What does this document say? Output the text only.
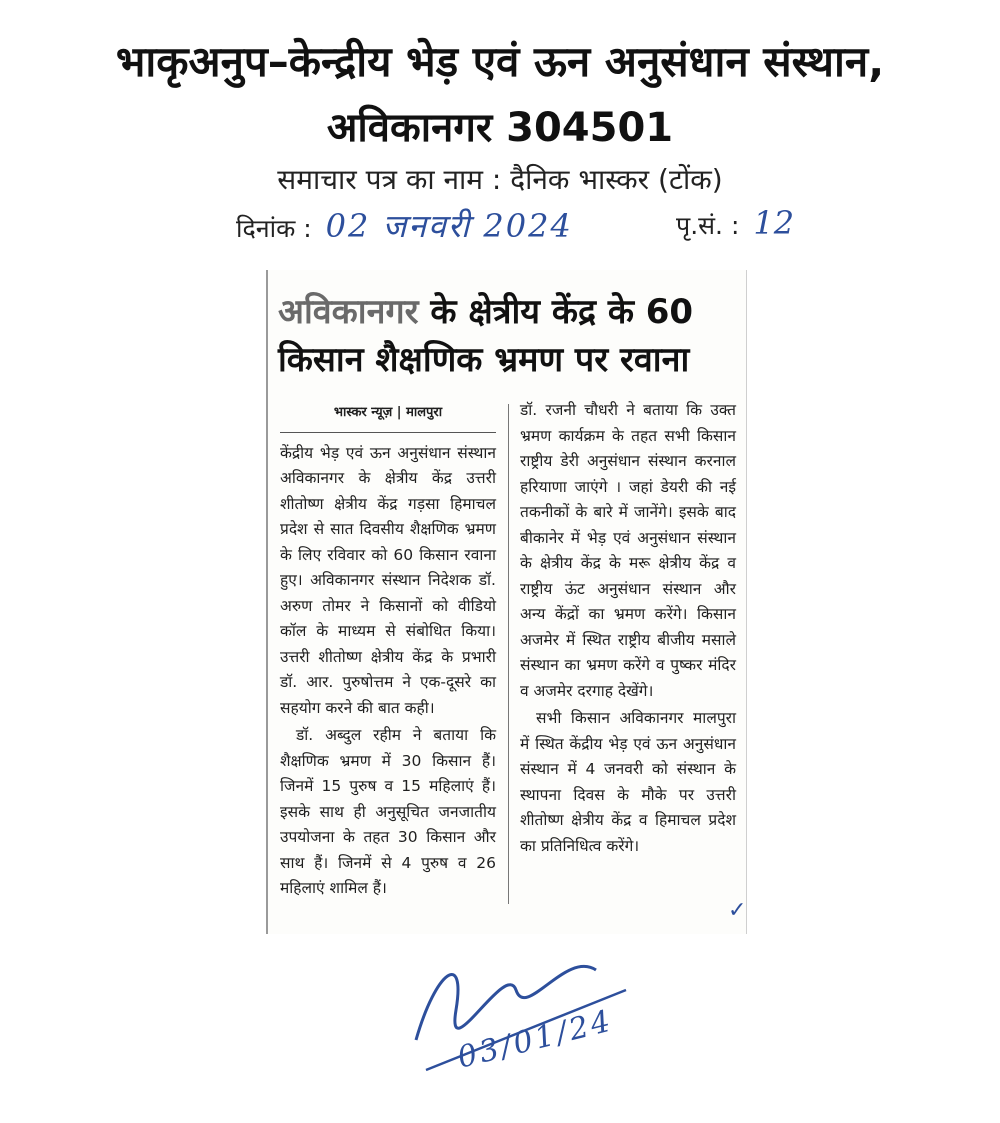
भाकृअनुप–केन्द्रीय भेड़ एवं ऊन अनुसंधान संस्थान,
अविकानगर 304501
समाचार पत्र का नाम : दैनिक भास्कर (टोंक)
दिनांक : 02 जनवरी 2024	पृ.सं. : 12
अविकानगर के क्षेत्रीय केंद्र के 60 किसान शैक्षणिक भ्रमण पर रवाना
भास्कर न्यूज़ | मालपुरा

केंद्रीय भेड़ एवं ऊन अनुसंधान संस्थान अविकानगर के क्षेत्रीय केंद्र उत्तरी शीतोष्ण क्षेत्रीय केंद्र गड़सा हिमाचल प्रदेश से सात दिवसीय शैक्षणिक भ्रमण के लिए रविवार को 60 किसान रवाना हुए। अविकानगर संस्थान निदेशक डॉ. अरुण तोमर ने किसानों को वीडियो कॉल के माध्यम से संबोधित किया। उत्तरी शीतोष्ण क्षेत्रीय केंद्र के प्रभारी डॉ. आर. पुरुषोत्तम ने एक-दूसरे का सहयोग करने की बात कही।

डॉ. अब्दुल रहीम ने बताया कि शैक्षणिक भ्रमण में 30 किसान हैं। जिनमें 15 पुरुष व 15 महिलाएं हैं। इसके साथ ही अनुसूचित जनजातीय उपयोजना के तहत 30 किसान और साथ हैं। जिनमें से 4 पुरुष व 26 महिलाएं शामिल हैं।

डॉ. रजनी चौधरी ने बताया कि उक्त भ्रमण कार्यक्रम के तहत सभी किसान राष्ट्रीय डेरी अनुसंधान संस्थान करनाल हरियाणा जाएंगे । जहां डेयरी की नई तकनीकों के बारे में जानेंगे। इसके बाद बीकानेर में भेड़ एवं अनुसंधान संस्थान के क्षेत्रीय केंद्र के मरू क्षेत्रीय केंद्र व राष्ट्रीय ऊंट अनुसंधान संस्थान और अन्य केंद्रों का भ्रमण करेंगे। किसान अजमेर में स्थित राष्ट्रीय बीजीय मसाले संस्थान का भ्रमण करेंगे व पुष्कर मंदिर व अजमेर दरगाह देखेंगे।

सभी किसान अविकानगर मालपुरा में स्थित केंद्रीय भेड़ एवं ऊन अनुसंधान संस्थान में 4 जनवरी को संस्थान के स्थापना दिवस के मौके पर उत्तरी शीतोष्ण क्षेत्रीय केंद्र व हिमाचल प्रदेश का प्रतिनिधित्व करेंगे।

✓
03/01/24
